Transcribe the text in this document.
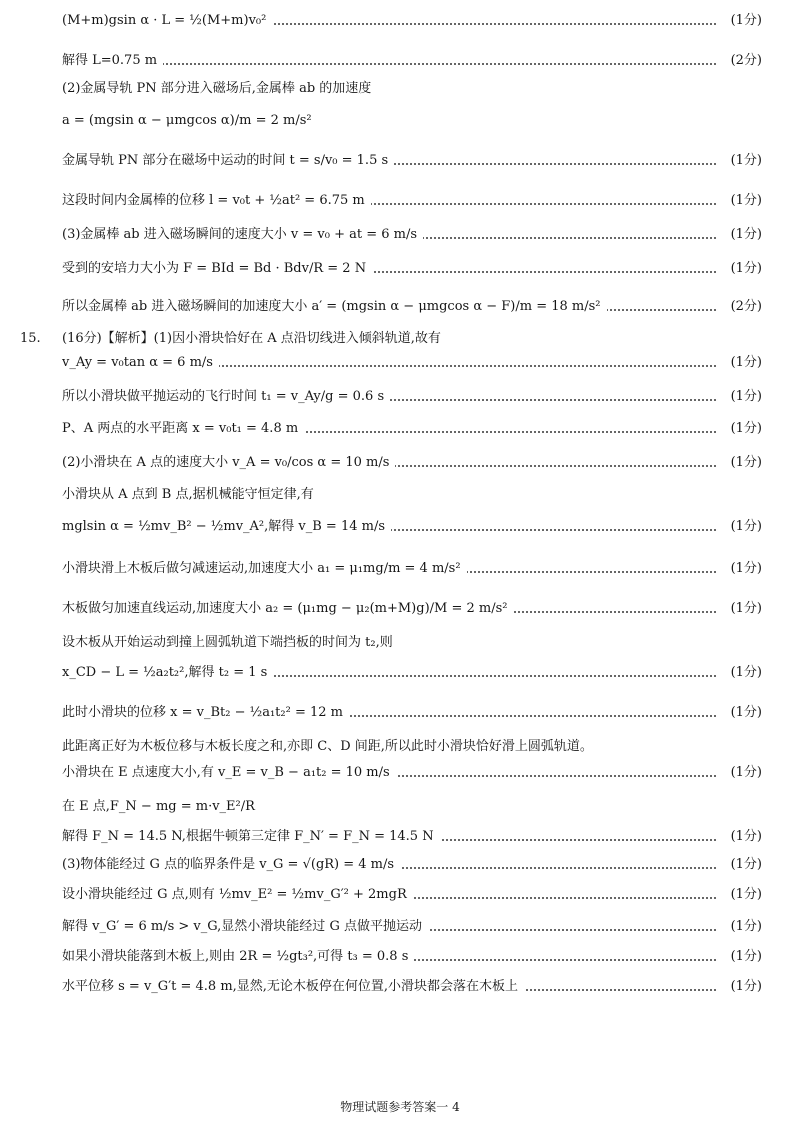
15.
(M+m)gsin α · L = ½(M+m)v₀²	(1分)
解得 L=0.75 m	(2分)
(2)金属导轨 PN 部分进入磁场后,金属棒 ab 的加速度
a = (mgsin α − μmgcos α)/m = 2 m/s²
金属导轨 PN 部分在磁场中运动的时间 t = s/v₀ = 1.5 s	(1分)
这段时间内金属棒的位移 l = v₀t + ½at² = 6.75 m	(1分)
(3)金属棒 ab 进入磁场瞬间的速度大小 v = v₀ + at = 6 m/s	(1分)
受到的安培力大小为 F = BId = Bd · Bdv/R = 2 N	(1分)
所以金属棒 ab 进入磁场瞬间的加速度大小 a′ = (mgsin α − μmgcos α − F)/m = 18 m/s²	(2分)
(16分)【解析】(1)因小滑块恰好在 A 点沿切线进入倾斜轨道,故有
v_Ay = v₀tan α = 6 m/s	(1分)
所以小滑块做平抛运动的飞行时间 t₁ = v_Ay/g = 0.6 s	(1分)
P、A 两点的水平距离 x = v₀t₁ = 4.8 m	(1分)
(2)小滑块在 A 点的速度大小 v_A = v₀/cos α = 10 m/s	(1分)
小滑块从 A 点到 B 点,据机械能守恒定律,有
mglsin α = ½mv_B² − ½mv_A²,解得 v_B = 14 m/s	(1分)
小滑块滑上木板后做匀减速运动,加速度大小 a₁ = μ₁mg/m = 4 m/s²	(1分)
木板做匀加速直线运动,加速度大小 a₂ = (μ₁mg − μ₂(m+M)g)/M = 2 m/s²	(1分)
设木板从开始运动到撞上圆弧轨道下端挡板的时间为 t₂,则
x_CD − L = ½a₂t₂²,解得 t₂ = 1 s	(1分)
此时小滑块的位移 x = v_Bt₂ − ½a₁t₂² = 12 m	(1分)
此距离正好为木板位移与木板长度之和,亦即 C、D 间距,所以此时小滑块恰好滑上圆弧轨道。
小滑块在 E 点速度大小,有 v_E = v_B − a₁t₂ = 10 m/s	(1分)
在 E 点,F_N − mg = m·v_E²/R
解得 F_N = 14.5 N,根据牛顿第三定律 F_N′ = F_N = 14.5 N	(1分)
(3)物体能经过 G 点的临界条件是 v_G = √(gR) = 4 m/s	(1分)
设小滑块能经过 G 点,则有 ½mv_E² = ½mv_G′² + 2mgR	(1分)
解得 v_G′ = 6 m/s > v_G,显然小滑块能经过 G 点做平抛运动	(1分)
如果小滑块能落到木板上,则由 2R = ½gt₃²,可得 t₃ = 0.8 s	(1分)
水平位移 s = v_G′t = 4.8 m,显然,无论木板停在何位置,小滑块都会落在木板上	(1分)
物理试题参考答案一 4
